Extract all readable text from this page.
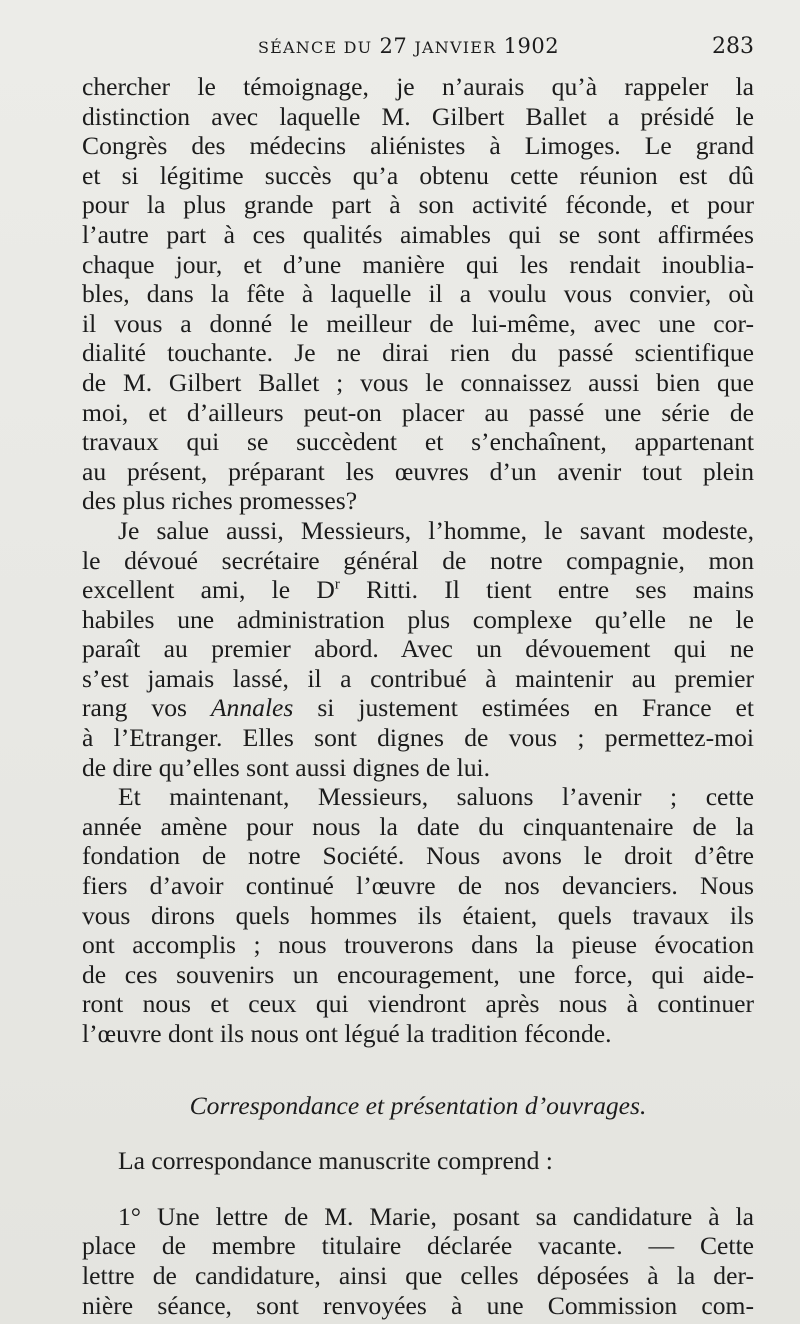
SÉANCE DU 27 JANVIER 1902	283
chercher le témoignage, je n’aurais qu’à rappeler la
distinction avec laquelle M. Gilbert Ballet a présidé le
Congrès des médecins aliénistes à Limoges. Le grand
et si légitime succès qu’a obtenu cette réunion est dû
pour la plus grande part à son activité féconde, et pour
l’autre part à ces qualités aimables qui se sont affirmées
chaque jour, et d’une manière qui les rendait inoublia-
bles, dans la fête à laquelle il a voulu vous convier, où
il vous a donné le meilleur de lui-même, avec une cor-
dialité touchante. Je ne dirai rien du passé scientifique
de M. Gilbert Ballet ; vous le connaissez aussi bien que
moi, et d’ailleurs peut-on placer au passé une série de
travaux qui se succèdent et s’enchaînent, appartenant
au présent, préparant les œuvres d’un avenir tout plein
des plus riches promesses?
Je salue aussi, Messieurs, l’homme, le savant modeste,
le dévoué secrétaire général de notre compagnie, mon
excellent ami, le $D^r$ Ritti. Il tient entre ses mains
habiles une administration plus complexe qu’elle ne le
paraît au premier abord. Avec un dévouement qui ne
s’est jamais lassé, il a contribué à maintenir au premier
rang vos Annales si justement estimées en France et
à l’Etranger. Elles sont dignes de vous ; permettez-moi
de dire qu’elles sont aussi dignes de lui.
Et maintenant, Messieurs, saluons l’avenir ; cette
année amène pour nous la date du cinquantenaire de la
fondation de notre Société. Nous avons le droit d’être
fiers d’avoir continué l’œuvre de nos devanciers. Nous
vous dirons quels hommes ils étaient, quels travaux ils
ont accomplis ; nous trouverons dans la pieuse évocation
de ces souvenirs un encouragement, une force, qui aide-
ront nous et ceux qui viendront après nous à continuer
l’œuvre dont ils nous ont légué la tradition féconde.
Correspondance et présentation d’ouvrages.
La correspondance manuscrite comprend :
1° Une lettre de M. Marie, posant sa candidature à la
place de membre titulaire déclarée vacante. — Cette
lettre de candidature, ainsi que celles déposées à la der-
nière séance, sont renvoyées à une Commission com-
